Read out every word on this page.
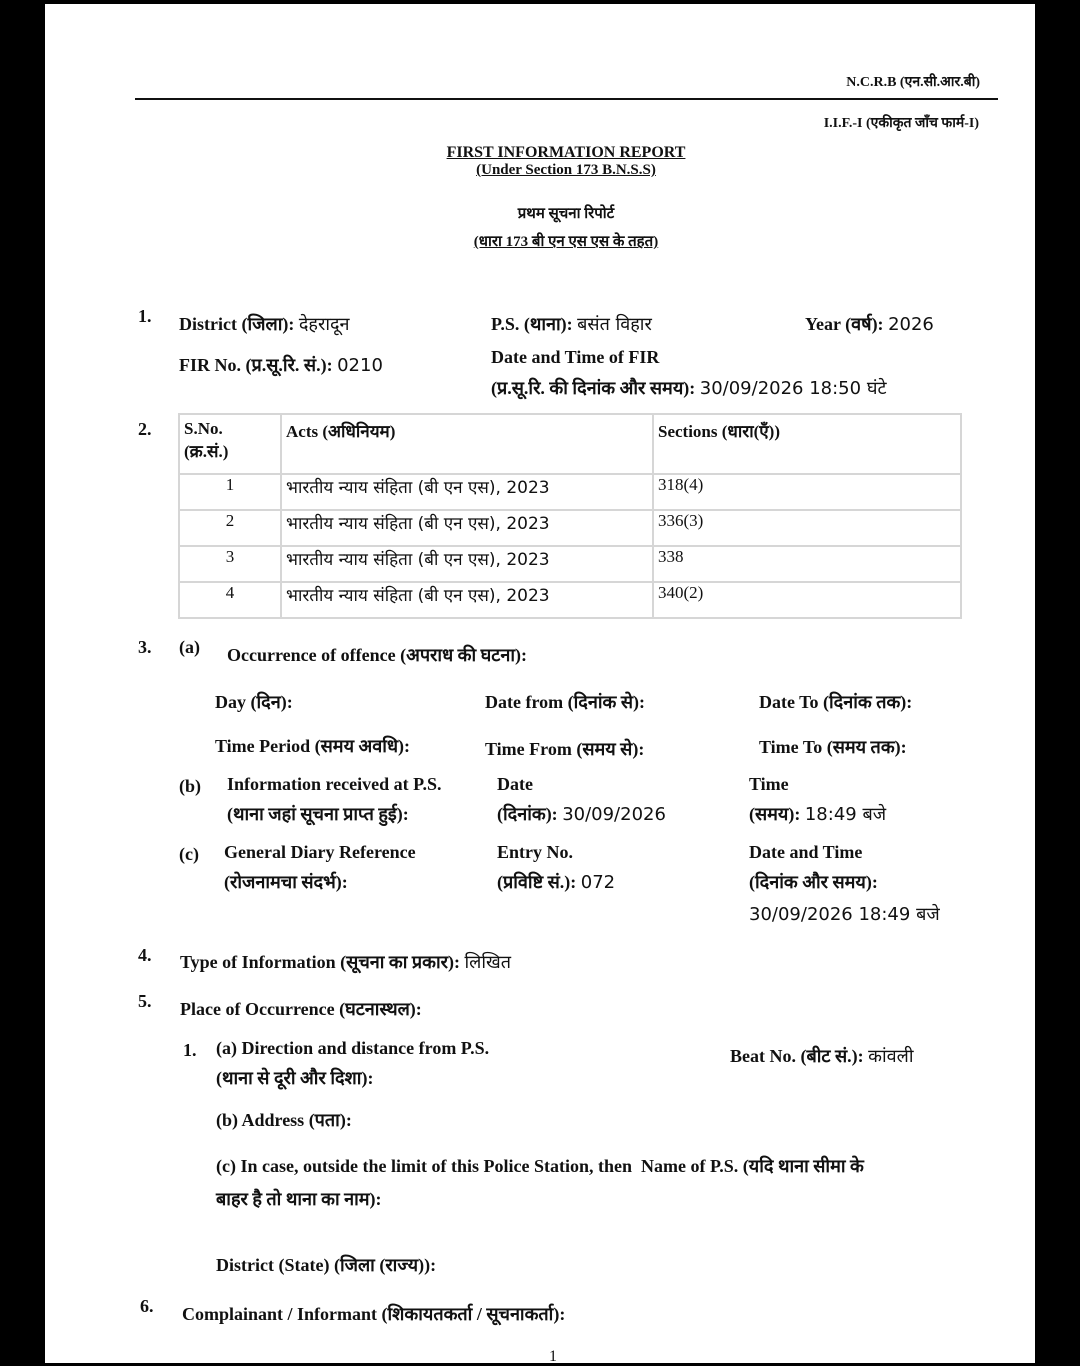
N.C.R.B (एन.सी.आर.बी)
I.I.F.-I (एकीकृत जाँच फार्म-I)
FIRST INFORMATION REPORT
(Under Section 173 B.N.S.S)
प्रथम सूचना रिपोर्ट
(धारा 173 बी एन एस एस के तहत)
1. District (जिला): देहरादून	P.S. (थाना): बसंत विहार	Year (वर्ष): 2026
FIR No. (प्र.सू.रि. सं.): 0210	Date and Time of FIR
(प्र.सू.रि. की दिनांक और समय): 30/09/2026 18:50 घंटे
2. S.No.
(क्र.सं.)	Acts (अधिनियम)	Sections (धारा(एँ))
1	भारतीय न्याय संहिता (बी एन एस), 2023	318(4)
2	भारतीय न्याय संहिता (बी एन एस), 2023	336(3)
3	भारतीय न्याय संहिता (बी एन एस), 2023	338
4	भारतीय न्याय संहिता (बी एन एस), 2023	340(2)
3. (a) Occurrence of offence (अपराध की घटना):
Day (दिन):	Date from (दिनांक से):	Date To (दिनांक तक):
Time Period (समय अवधि):	Time From (समय से):	Time To (समय तक):
(b) Information received at P.S.
(थाना जहां सूचना प्राप्त हुई):
Date
(दिनांक): 30/09/2026
Time
(समय): 18:49 बजे
(c) General Diary Reference
(रोजनामचा संदर्भ):
Entry No.
(प्रविष्टि सं.): 072
Date and Time
(दिनांक और समय):
30/09/2026 18:49 बजे
4. Type of Information (सूचना का प्रकार): लिखित
5. Place of Occurrence (घटनास्थल):
1. (a) Direction and distance from P.S.
(थाना से दूरी और दिशा):
Beat No. (बीट सं.): कांवली
(b) Address (पता):
(c) In case, outside the limit of this Police Station, then  Name of P.S. (यदि थाना सीमा के
बाहर है तो थाना का नाम):
District (State) (जिला (राज्य)):
6. Complainant / Informant (शिकायतकर्ता / सूचनाकर्ता):
1
